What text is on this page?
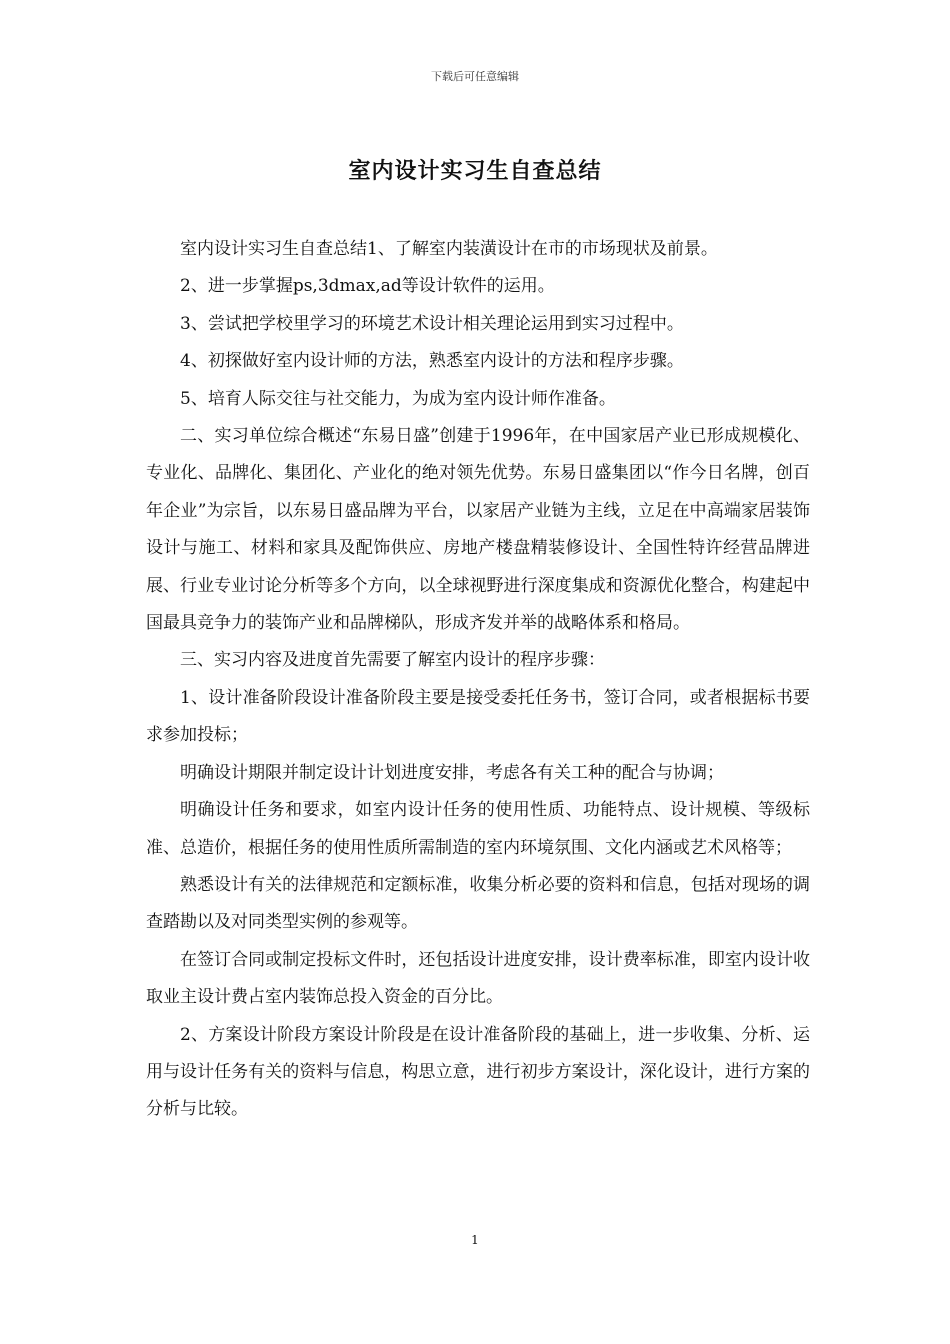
下载后可任意编辑
室内设计实习生自查总结

室内设计实习生自查总结1、了解室内装潢设计在市的市场现状及前景。

2、进一步掌握ps,3dmax,ad等设计软件的运用。

3、尝试把学校里学习的环境艺术设计相关理论运用到实习过程中。

4、初探做好室内设计师的方法，熟悉室内设计的方法和程序步骤。

5、培育人际交往与社交能力，为成为室内设计师作准备。

二、实习单位综合概述“东易日盛”创建于1996年，在中国家居产业已形成规模化、专业化、品牌化、集团化、产业化的绝对领先优势。东易日盛集团以“作今日名牌，创百年企业”为宗旨，以东易日盛品牌为平台，以家居产业链为主线，立足在中高端家居装饰设计与施工、材料和家具及配饰供应、房地产楼盘精装修设计、全国性特许经营品牌进展、行业专业讨论分析等多个方向，以全球视野进行深度集成和资源优化整合，构建起中国最具竞争力的装饰产业和品牌梯队，形成齐发并举的战略体系和格局。

三、实习内容及进度首先需要了解室内设计的程序步骤：

1、设计准备阶段设计准备阶段主要是接受委托任务书，签订合同，或者根据标书要求参加投标；

明确设计期限并制定设计计划进度安排，考虑各有关工种的配合与协调；

明确设计任务和要求，如室内设计任务的使用性质、功能特点、设计规模、等级标准、总造价，根据任务的使用性质所需制造的室内环境氛围、文化内涵或艺术风格等；

熟悉设计有关的法律规范和定额标准，收集分析必要的资料和信息，包括对现场的调查踏勘以及对同类型实例的参观等。

在签订合同或制定投标文件时，还包括设计进度安排，设计费率标准，即室内设计收取业主设计费占室内装饰总投入资金的百分比。

2、方案设计阶段方案设计阶段是在设计准备阶段的基础上，进一步收集、分析、运用与设计任务有关的资料与信息，构思立意，进行初步方案设计，深化设计，进行方案的分析与比较。

1
